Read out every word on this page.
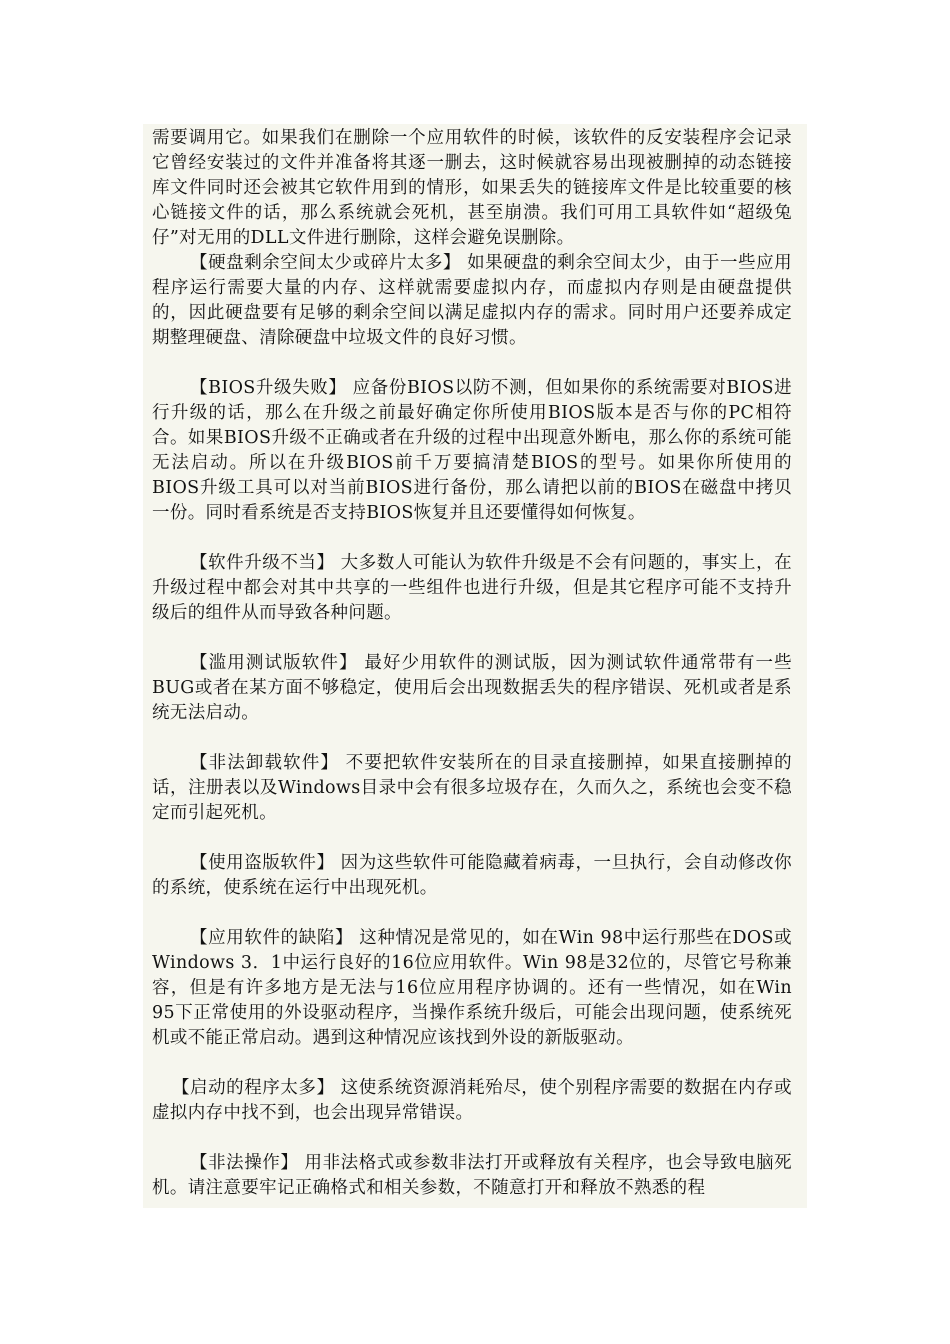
需要调用它。如果我们在删除一个应用软件的时候，该软件的反安装程序会记录它曾经安装过的文件并准备将其逐一删去，这时候就容易出现被删掉的动态链接库文件同时还会被其它软件用到的情形，如果丢失的链接库文件是比较重要的核心链接文件的话，那么系统就会死机，甚至崩溃。我们可用工具软件如“超级兔仔”对无用的DLL文件进行删除，这样会避免误删除。

【硬盘剩余空间太少或碎片太多】 如果硬盘的剩余空间太少，由于一些应用程序运行需要大量的内存、这样就需要虚拟内存，而虚拟内存则是由硬盘提供的，因此硬盘要有足够的剩余空间以满足虚拟内存的需求。同时用户还要养成定期整理硬盘、清除硬盘中垃圾文件的良好习惯。

【BIOS升级失败】 应备份BIOS以防不测，但如果你的系统需要对BIOS进行升级的话，那么在升级之前最好确定你所使用BIOS版本是否与你的PC相符合。如果BIOS升级不正确或者在升级的过程中出现意外断电，那么你的系统可能无法启动。所以在升级BIOS前千万要搞清楚BIOS的型号。如果你所使用的BIOS升级工具可以对当前BIOS进行备份，那么请把以前的BIOS在磁盘中拷贝一份。同时看系统是否支持BIOS恢复并且还要懂得如何恢复。

【软件升级不当】 大多数人可能认为软件升级是不会有问题的，事实上，在升级过程中都会对其中共享的一些组件也进行升级，但是其它程序可能不支持升级后的组件从而导致各种问题。

【滥用测试版软件】 最好少用软件的测试版，因为测试软件通常带有一些BUG或者在某方面不够稳定，使用后会出现数据丢失的程序错误、死机或者是系统无法启动。

【非法卸载软件】 不要把软件安装所在的目录直接删掉，如果直接删掉的话，注册表以及Windows目录中会有很多垃圾存在，久而久之，系统也会变不稳定而引起死机。

【使用盗版软件】 因为这些软件可能隐藏着病毒，一旦执行，会自动修改你的系统，使系统在运行中出现死机。

【应用软件的缺陷】 这种情况是常见的，如在Win 98中运行那些在DOS或Windows 3．1中运行良好的16位应用软件。Win 98是32位的，尽管它号称兼容，但是有许多地方是无法与16位应用程序协调的。还有一些情况，如在Win 95下正常使用的外设驱动程序，当操作系统升级后，可能会出现问题，使系统死机或不能正常启动。遇到这种情况应该找到外设的新版驱动。

【启动的程序太多】 这使系统资源消耗殆尽，使个别程序需要的数据在内存或虚拟内存中找不到，也会出现异常错误。

【非法操作】 用非法格式或参数非法打开或释放有关程序，也会导致电脑死机。请注意要牢记正确格式和相关参数，不随意打开和释放不熟悉的程
